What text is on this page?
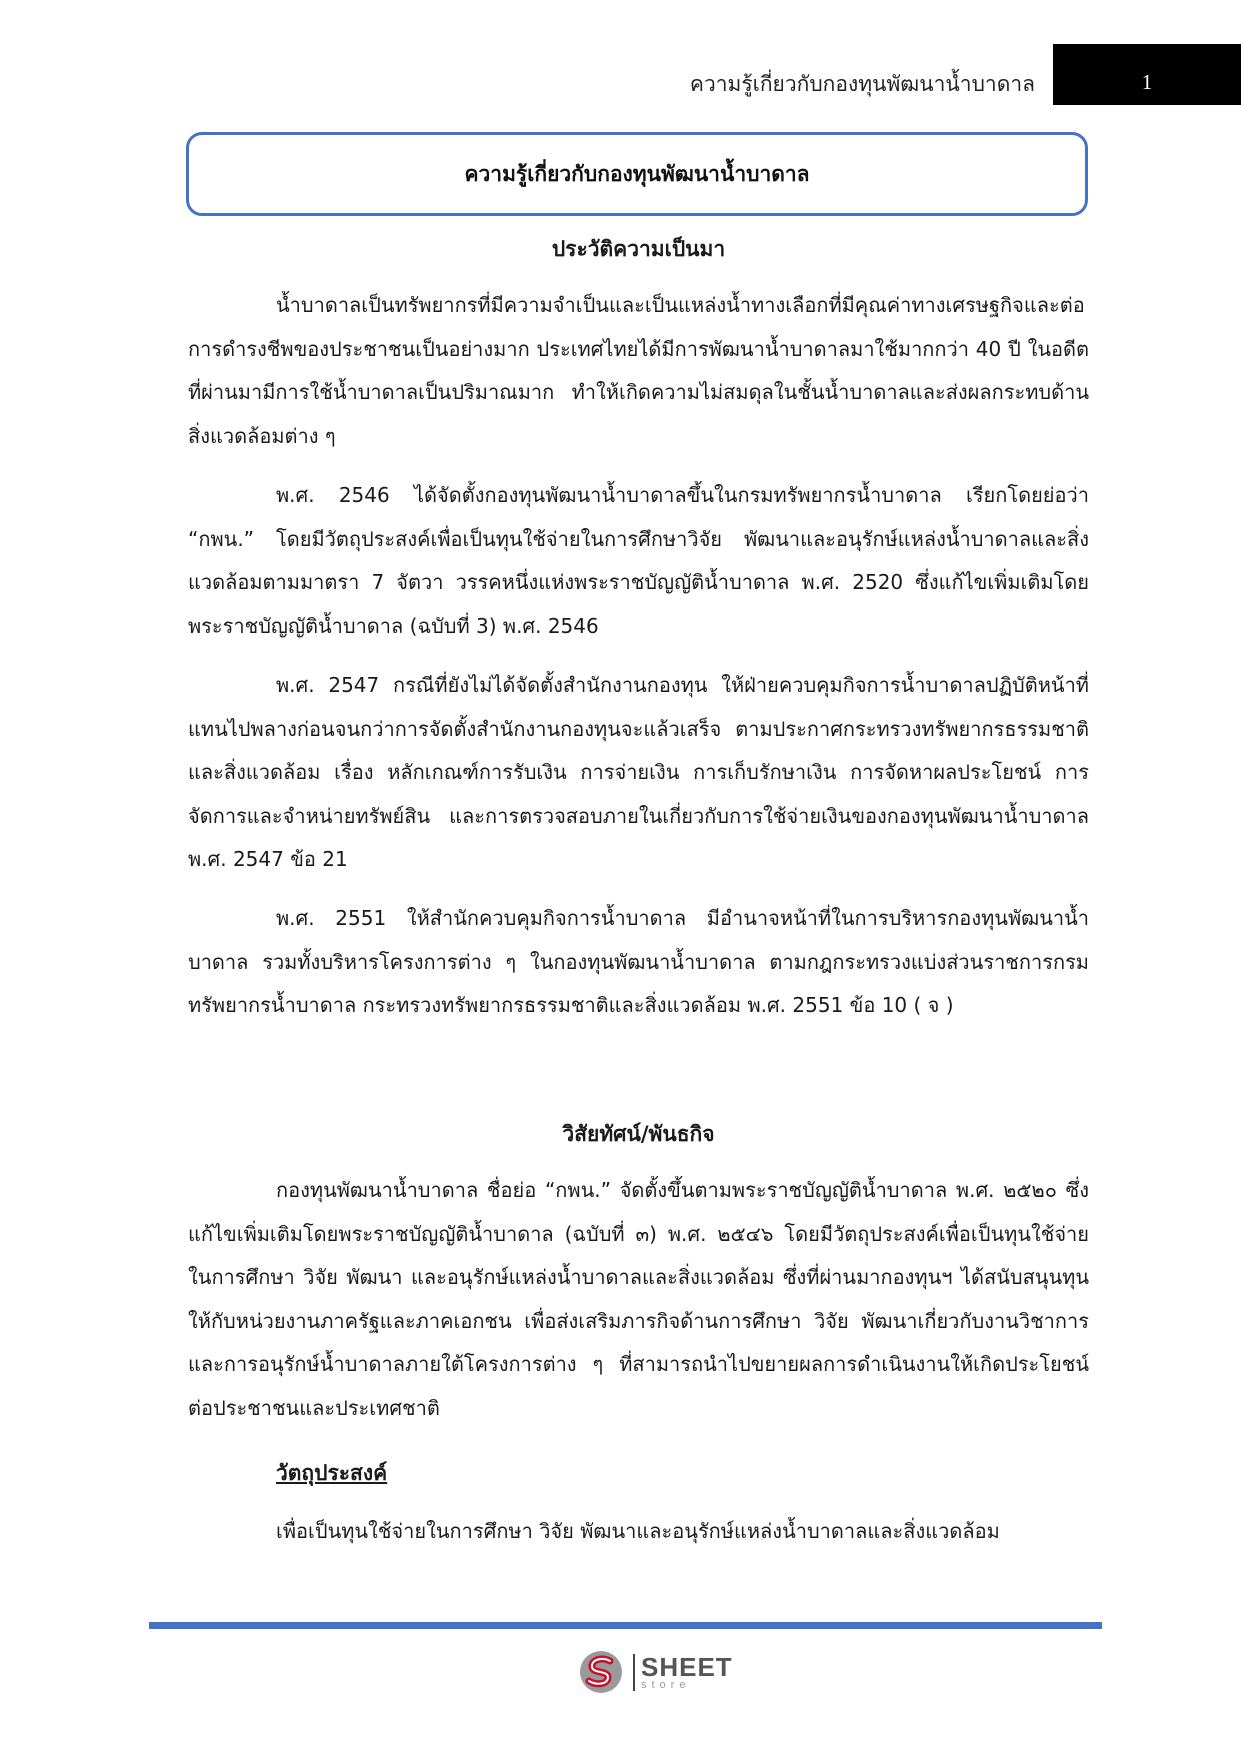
ความรู้เกี่ยวกับกองทุนพัฒนาน้ำบาดาล	1
ความรู้เกี่ยวกับกองทุนพัฒนาน้ำบาดาล
ประวัติความเป็นมา

น้ำบาดาลเป็นทรัพยากรที่มีความจำเป็นและเป็นแหล่งน้ำทางเลือกที่มีคุณค่าทางเศรษฐกิจและต่อการดำรงชีพของประชาชนเป็นอย่างมาก ประเทศไทยได้มีการพัฒนาน้ำบาดาลมาใช้มากกว่า 40 ปี ในอดีตที่ผ่านมามีการใช้น้ำบาดาลเป็นปริมาณมาก ทำให้เกิดความไม่สมดุลในชั้นน้ำบาดาลและส่งผลกระทบด้านสิ่งแวดล้อมต่าง ๆ

พ.ศ. 2546 ได้จัดตั้งกองทุนพัฒนาน้ำบาดาลขึ้นในกรมทรัพยากรน้ำบาดาล เรียกโดยย่อว่า “กพน.” โดยมีวัตถุประสงค์เพื่อเป็นทุนใช้จ่ายในการศึกษาวิจัย พัฒนาและอนุรักษ์แหล่งน้ำบาดาลและสิ่งแวดล้อมตามมาตรา 7 จัตวา วรรคหนึ่งแห่งพระราชบัญญัติน้ำบาดาล พ.ศ. 2520 ซึ่งแก้ไขเพิ่มเติมโดยพระราชบัญญัติน้ำบาดาล (ฉบับที่ 3) พ.ศ. 2546

พ.ศ. 2547 กรณีที่ยังไม่ได้จัดตั้งสำนักงานกองทุน ให้ฝ่ายควบคุมกิจการน้ำบาดาลปฏิบัติหน้าที่แทนไปพลางก่อนจนกว่าการจัดตั้งสำนักงานกองทุนจะแล้วเสร็จ ตามประกาศกระทรวงทรัพยากรธรรมชาติและสิ่งแวดล้อม เรื่อง หลักเกณฑ์การรับเงิน การจ่ายเงิน การเก็บรักษาเงิน การจัดหาผลประโยชน์ การจัดการและจำหน่ายทรัพย์สิน และการตรวจสอบภายในเกี่ยวกับการใช้จ่ายเงินของกองทุนพัฒนาน้ำบาดาล พ.ศ. 2547 ข้อ 21

พ.ศ. 2551 ให้สำนักควบคุมกิจการน้ำบาดาล มีอำนาจหน้าที่ในการบริหารกองทุนพัฒนาน้ำบาดาล รวมทั้งบริหารโครงการต่าง ๆ ในกองทุนพัฒนาน้ำบาดาล ตามกฎกระทรวงแบ่งส่วนราชการกรมทรัพยากรน้ำบาดาล กระทรวงทรัพยากรธรรมชาติและสิ่งแวดล้อม พ.ศ. 2551 ข้อ 10 ( จ )

วิสัยทัศน์/พันธกิจ

กองทุนพัฒนาน้ำบาดาล ชื่อย่อ “กพน.” จัดตั้งขึ้นตามพระราชบัญญัติน้ำบาดาล พ.ศ. ๒๕๒๐ ซึ่งแก้ไขเพิ่มเติมโดยพระราชบัญญัติน้ำบาดาล (ฉบับที่ ๓) พ.ศ. ๒๕๔๖ โดยมีวัตถุประสงค์เพื่อเป็นทุนใช้จ่ายในการศึกษา วิจัย พัฒนา และอนุรักษ์แหล่งน้ำบาดาลและสิ่งแวดล้อม ซึ่งที่ผ่านมากองทุนฯ ได้สนับสนุนทุนให้กับหน่วยงานภาครัฐและภาคเอกชน เพื่อส่งเสริมภารกิจด้านการศึกษา วิจัย พัฒนาเกี่ยวกับงานวิชาการและการอนุรักษ์น้ำบาดาลภายใต้โครงการต่าง ๆ ที่สามารถนำไปขยายผลการดำเนินงานให้เกิดประโยชน์ต่อประชาชนและประเทศชาติ

วัตถุประสงค์

เพื่อเป็นทุนใช้จ่ายในการศึกษา วิจัย พัฒนาและอนุรักษ์แหล่งน้ำบาดาลและสิ่งแวดล้อม

SHEET
store
